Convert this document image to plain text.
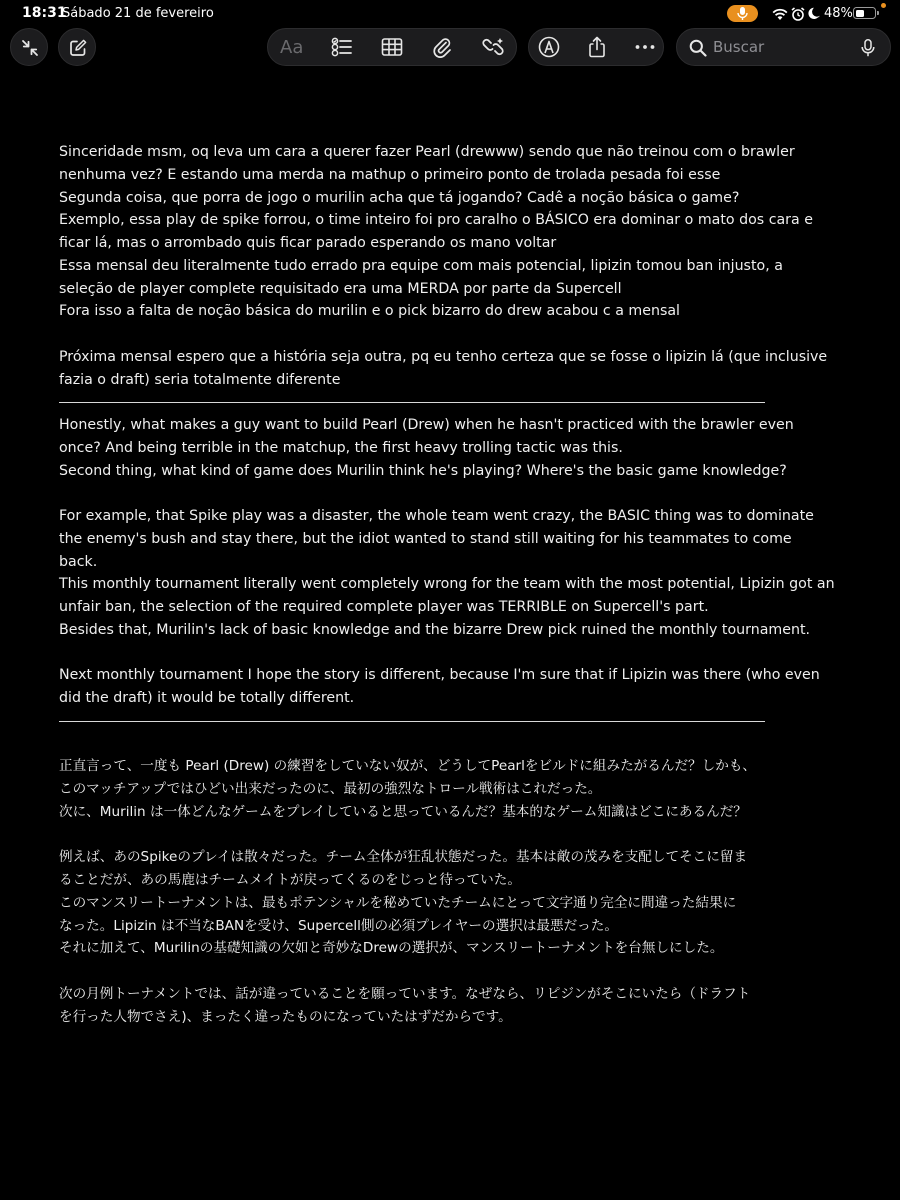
18:31
Sábado 21 de fevereiro	48%
Aa
Buscar
Sinceridade msm, oq leva um cara a querer fazer Pearl (drewww) sendo que não treinou com o brawler
nenhuma vez? E estando uma merda na mathup o primeiro ponto de trolada pesada foi esse
Segunda coisa, que porra de jogo o murilin acha que tá jogando? Cadê a noção básica o game?
Exemplo, essa play de spike forrou, o time inteiro foi pro caralho o BÁSICO era dominar o mato dos cara e
ficar lá, mas o arrombado quis ficar parado esperando os mano voltar
Essa mensal deu literalmente tudo errado pra equipe com mais potencial, lipizin tomou ban injusto, a
seleção de player complete requisitado era uma MERDA por parte da Supercell
Fora isso a falta de noção básica do murilin e o pick bizarro do drew acabou c a mensal
Próxima mensal espero que a história seja outra, pq eu tenho certeza que se fosse o lipizin lá (que inclusive
fazia o draft) seria totalmente diferente
Honestly, what makes a guy want to build Pearl (Drew) when he hasn't practiced with the brawler even
once? And being terrible in the matchup, the first heavy trolling tactic was this.
Second thing, what kind of game does Murilin think he's playing? Where's the basic game knowledge?
For example, that Spike play was a disaster, the whole team went crazy, the BASIC thing was to dominate
the enemy's bush and stay there, but the idiot wanted to stand still waiting for his teammates to come
back.
This monthly tournament literally went completely wrong for the team with the most potential, Lipizin got an
unfair ban, the selection of the required complete player was TERRIBLE on Supercell's part.
Besides that, Murilin's lack of basic knowledge and the bizarre Drew pick ruined the monthly tournament.
Next monthly tournament I hope the story is different, because I'm sure that if Lipizin was there (who even
did the draft) it would be totally different.
正直言って、一度も Pearl (Drew) の練習をしていない奴が、どうしてPearlをビルドに組みたがるんだ？しかも、
このマッチアップではひどい出来だったのに、最初の強烈なトロール戦術はこれだった。
次に、Murilin は一体どんなゲームをプレイしていると思っているんだ？基本的なゲーム知識はどこにあるんだ？
例えば、あのSpikeのプレイは散々だった。チーム全体が狂乱状態だった。基本は敵の茂みを支配してそこに留ま
ることだが、あの馬鹿はチームメイトが戻ってくるのをじっと待っていた。
このマンスリートーナメントは、最もポテンシャルを秘めていたチームにとって文字通り完全に間違った結果に
なった。Lipizin は不当なBANを受け、Supercell側の必須プレイヤーの選択は最悪だった。
それに加えて、Murilinの基礎知識の欠如と奇妙なDrewの選択が、マンスリートーナメントを台無しにした。
次の月例トーナメントでは、話が違っていることを願っています。なぜなら、リピジンがそこにいたら（ドラフト
を行った人物でさえ)、まったく違ったものになっていたはずだからです。
